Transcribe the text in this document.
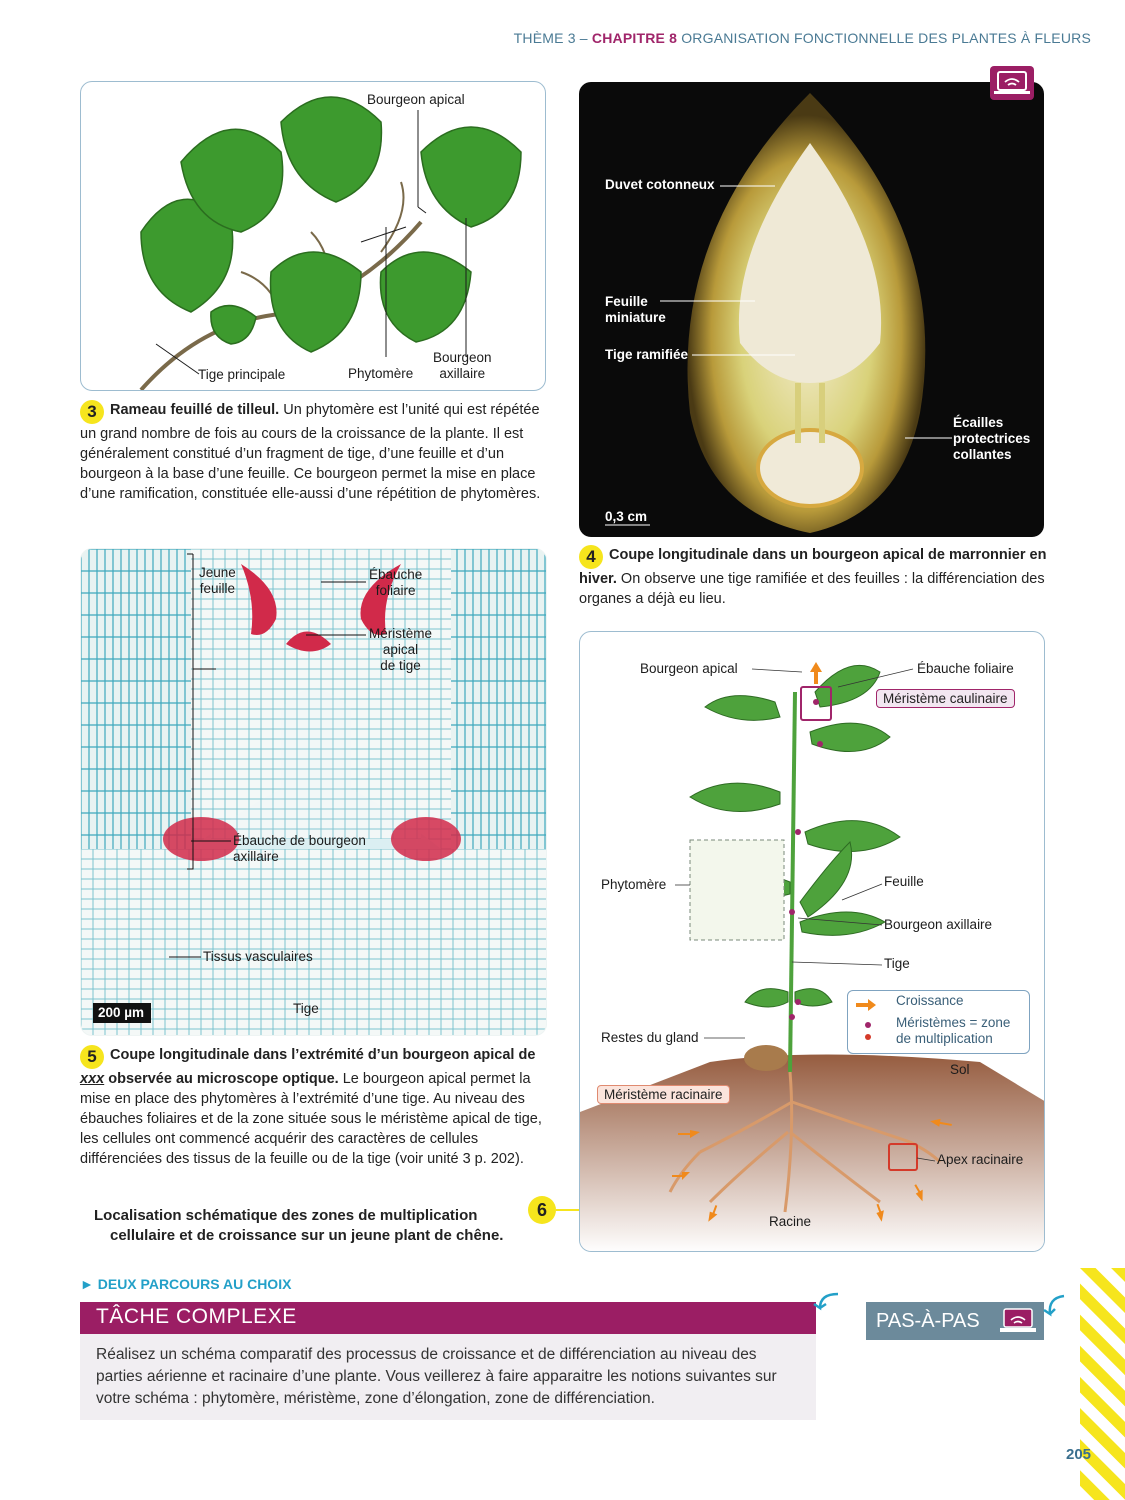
THÈME 3 – CHAPITRE 8 ORGANISATION FONCTIONNELLE DES PLANTES À FLEURS
Bourgeon apical
Tige principale	Phytomère
Bourgeon
axillaire
3 Rameau feuillé de tilleul. Un phytomère est l’unité qui est répétée un grand nombre de fois au cours de la croissance de la plante. Il est généralement constitué d’un fragment de tige, d’une feuille et d’un bourgeon à la base d’une feuille. Ce bourgeon permet la mise en place d’une ramification, constituée elle-aussi d’une répétition de phytomères.
Duvet cotonneux
Feuille
miniature
Tige ramifiée
Écailles
protectrices
collantes
0,3 cm
4 Coupe longitudinale dans un bourgeon apical de marronnier en hiver. On observe une tige ramifiée et des feuilles : la différenciation des organes a déjà eu lieu.
Jeune
feuille
Ébauche
foliaire
Méristème
apical
de tige
Ébauche de bourgeon
axillaire
Tissus vasculaires
Tige
200 µm
5 Coupe longitudinale dans l’extrémité d’un bourgeon apical de xxx observée au microscope optique. Le bourgeon apical permet la mise en place des phytomères à l’extrémité d’une tige. Au niveau des ébauches foliaires et de la zone située sous le méristème apical de tige, les cellules ont commencé acquérir des caractères de cellules différenciées des tissus de la feuille ou de la tige (voir unité 3 p. 202).
Localisation schématique des zones de multiplication
cellulaire et de croissance sur un jeune plant de chêne.
6
Bourgeon apical	Ébauche foliaire
Méristème caulinaire
Phytomère	Feuille
Bourgeon axillaire
Tige
Restes du gland
Sol
Méristème racinaire
Apex racinaire
Racine
Croissance
Méristèmes = zone
de multiplication
► DEUX PARCOURS AU CHOIX
TÂCHE COMPLEXE
Réalisez un schéma comparatif des processus de croissance et de différenciation au niveau des parties aérienne et racinaire d’une plante. Vous veillerez à faire apparaitre les notions suivantes sur votre schéma : phytomère, méristème, zone d’élongation, zone de différenciation.
PAS-À-PAS
205
